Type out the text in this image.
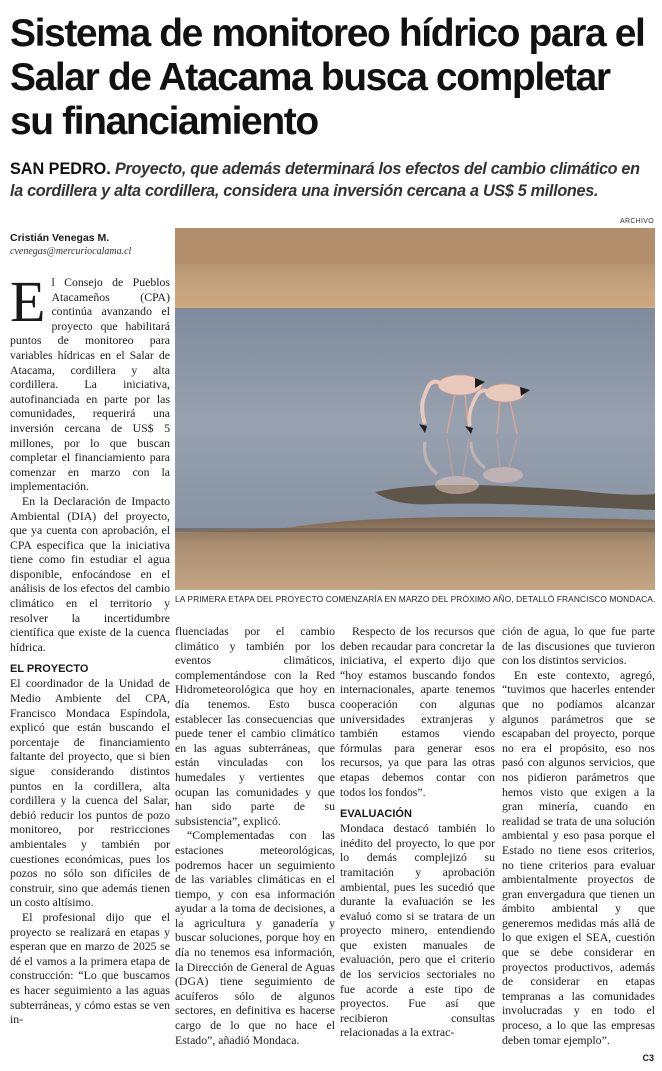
Sistema de monitoreo hídrico para el Salar de Atacama busca completar su financiamiento

SAN PEDRO. Proyecto, que además determinará los efectos del cambio climático en la cordillera y alta cordillera, considera una inversión cercana a US$ 5 millones.

Cristián Venegas M.
cvenegas@mercuriocalama.cl
ARCHIVO
LA PRIMERA ETAPA DEL PROYECTO COMENZARÍA EN MARZO DEL PRÓXIMO AÑO, DETALLÓ FRANCISCO MONDACA.

El Consejo de Pueblos Atacameños (CPA) continúa avanzando el proyecto que habilitará puntos de monitoreo para variables hídricas en el Salar de Atacama, cordillera y alta cordillera. La iniciativa, autofinanciada en parte por las comunidades, requerirá una inversión cercana de US$ 5 millones, por lo que buscan completar el financiamiento para comenzar en marzo con la implementación.

En la Declaración de Impacto Ambiental (DIA) del proyecto, que ya cuenta con aprobación, el CPA especifica que la iniciativa tiene como fin estudiar el agua disponible, enfocándose en el análisis de los efectos del cambio climático en el territorio y resolver la incertidumbre científica que existe de la cuenca hídrica.

EL PROYECTO

El coordinador de la Unidad de Medio Ambiente del CPA, Francisco Mondaca Espíndola, explicó que están buscando el porcentaje de financiamiento faltante del proyecto, que si bien sigue considerando distintos puntos en la cordillera, alta cordillera y la cuenca del Salar, debió reducir los puntos de pozo monitoreo, por restricciones ambientales y también por cuestiones económicas, pues los pozos no sólo son difíciles de construir, sino que además tienen un costo altísimo.

El profesional dijo que el proyecto se realizará en etapas y esperan que en marzo de 2025 se dé el vamos a la primera etapa de construcción: “Lo que buscamos es hacer seguimiento a las aguas subterráneas, y cómo estas se ven in-

fluenciadas por el cambio climático y también por los eventos climáticos, complementándose con la Red Hidrometeorológica que hoy en día tenemos. Esto busca establecer las consecuencias que puede tener el cambio climático en las aguas subterráneas, que están vinculadas con los humedales y vertientes que ocupan las comunidades y que han sido parte de su subsistencia”, explicó.

“Complementadas con las estaciones meteorológicas, podremos hacer un seguimiento de las variables climáticas en el tiempo, y con esa información ayudar a la toma de decisiones, a la agricultura y ganadería y buscar soluciones, porque hoy en día no tenemos esa información, la Dirección de General de Aguas (DGA) tiene seguimiento de acuíferos sólo de algunos sectores, en definitiva es hacerse cargo de lo que no hace el Estado”, añadió Mondaca.

Respecto de los recursos que deben recaudar para concretar la iniciativa, el experto dijo que “hoy estamos buscando fondos internacionales, aparte tenemos cooperación con algunas universidades extranjeras y también estamos viendo fórmulas para generar esos recursos, ya que para las otras etapas debemos contar con todos los fondos”.

EVALUACIÓN

Mondaca destacó también lo inédito del proyecto, lo que por lo demás complejizó su tramitación y aprobación ambiental, pues les sucedió que durante la evaluación se les evaluó como si se tratara de un proyecto minero, entendiendo que existen manuales de evaluación, pero que el criterio de los servicios sectoriales no fue acorde a este tipo de proyectos. Fue así que recibieron consultas relacionadas a la extrac-

ción de agua, lo que fue parte de las discusiones que tuvieron con los distintos servicios.

En este contexto, agregó, “tuvimos que hacerles entender que no podíamos alcanzar algunos parámetros que se escapaban del proyecto, porque no era el propósito, eso nos pasó con algunos servicios, que nos pidieron parámetros que hemos visto que exigen a la gran minería, cuando en realidad se trata de una solución ambiental y eso pasa porque el Estado no tiene esos criterios, no tiene criterios para evaluar ambientalmente proyectos de gran envergadura que tienen un ámbito ambiental y que generemos medidas más allá de lo que exigen el SEA, cuestión que se debe considerar en proyectos productivos, además de considerar en etapas tempranas a las comunidades involucradas y en todo el proceso, a lo que las empresas deben tomar ejemplo”.

C3
